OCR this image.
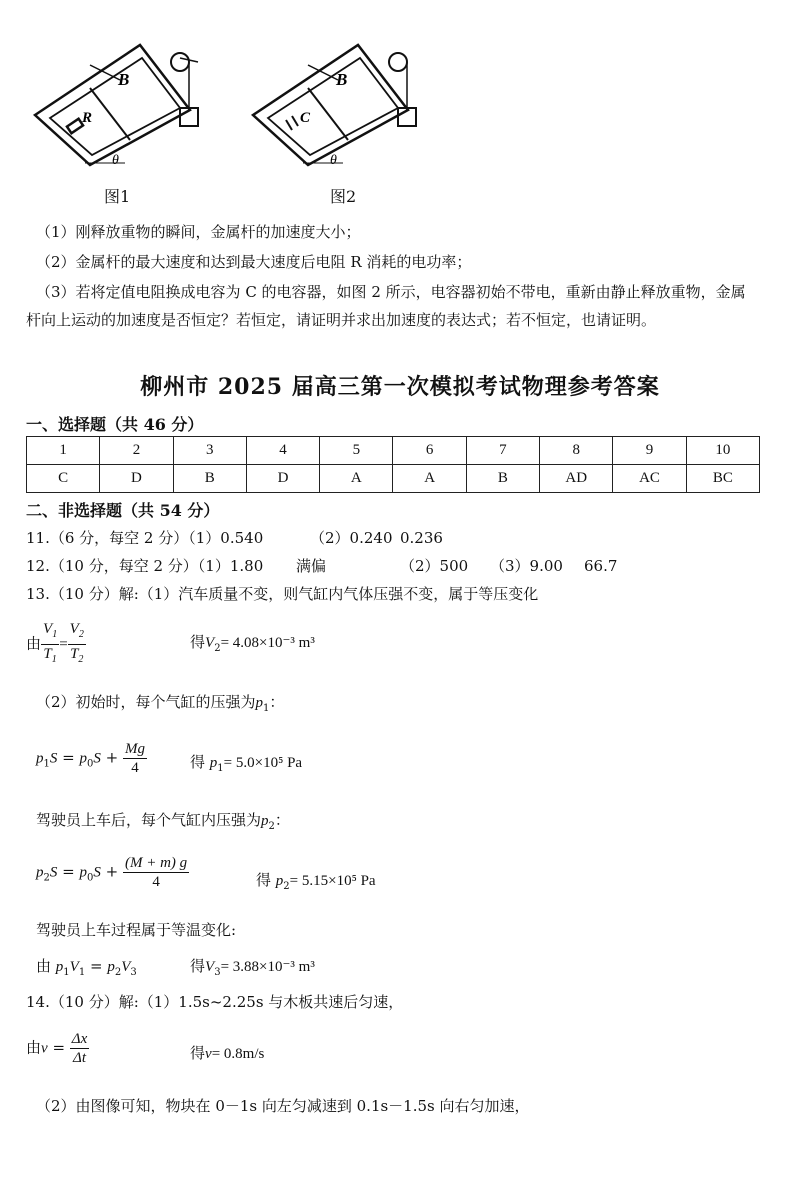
B
R
θ
图1
B
C
θ
图2
（1）刚释放重物的瞬间，金属杆的加速度大小；
（2）金属杆的最大速度和达到最大速度后电阻 R 消耗的电功率；
（3）若将定值电阻换成电容为 C 的电容器，如图 2 所示，电容器初始不带电，重新由静止释放重物，金属
杆向上运动的加速度是否恒定？若恒定，请证明并求出加速度的表达式；若不恒定，也请证明。
柳州市 2025 届高三第一次模拟考试物理参考答案
一、选择题（共 46 分）
1	2	3	4	5	6	7	8	9	10
C	D	B	D	A	A	B	AD	AC	BC
二、非选择题（共 54 分）
11.（6 分，每空 2 分）（1）0.540	（2）0.240 0.236
12.（10 分，每空 2 分）（1）1.80 满偏	（2）500 （3）9.00 66.7
13.（10 分）解:（1）汽车质量不变，则气缸内气体压强不变，属于等压变化
由 $\frac{V_1}{T_1} = \frac{V_2}{T_2}$	得$V_2= 4.08\times 10^{-3}$ m³
（2）初始时，每个气缸的压强为$p_1$：
$p_1S = p_0S + \frac{Mg}{4}$	得 $p_1= 5.0\times 10^5$ Pa
驾驶员上车后，每个气缸内压强为$p_2$：
$p_2S = p_0S + \frac{(M + m) g}{4}$	得 $p_2= 5.15\times 10^5$ Pa
驾驶员上车过程属于等温变化:
由 $p_1V_1 = p_2V_3$	得$V_3= 3.88\times 10^{-3}$ m³
14.（10 分）解:（1）1.5s~2.25s 与木板共速后匀速，
由$v = \frac{\Delta x}{\Delta t}$	得v= 0.8m/s
（2）由图像可知，物块在 0－1s 向左匀减速到 0.1s－1.5s 向右匀加速，
